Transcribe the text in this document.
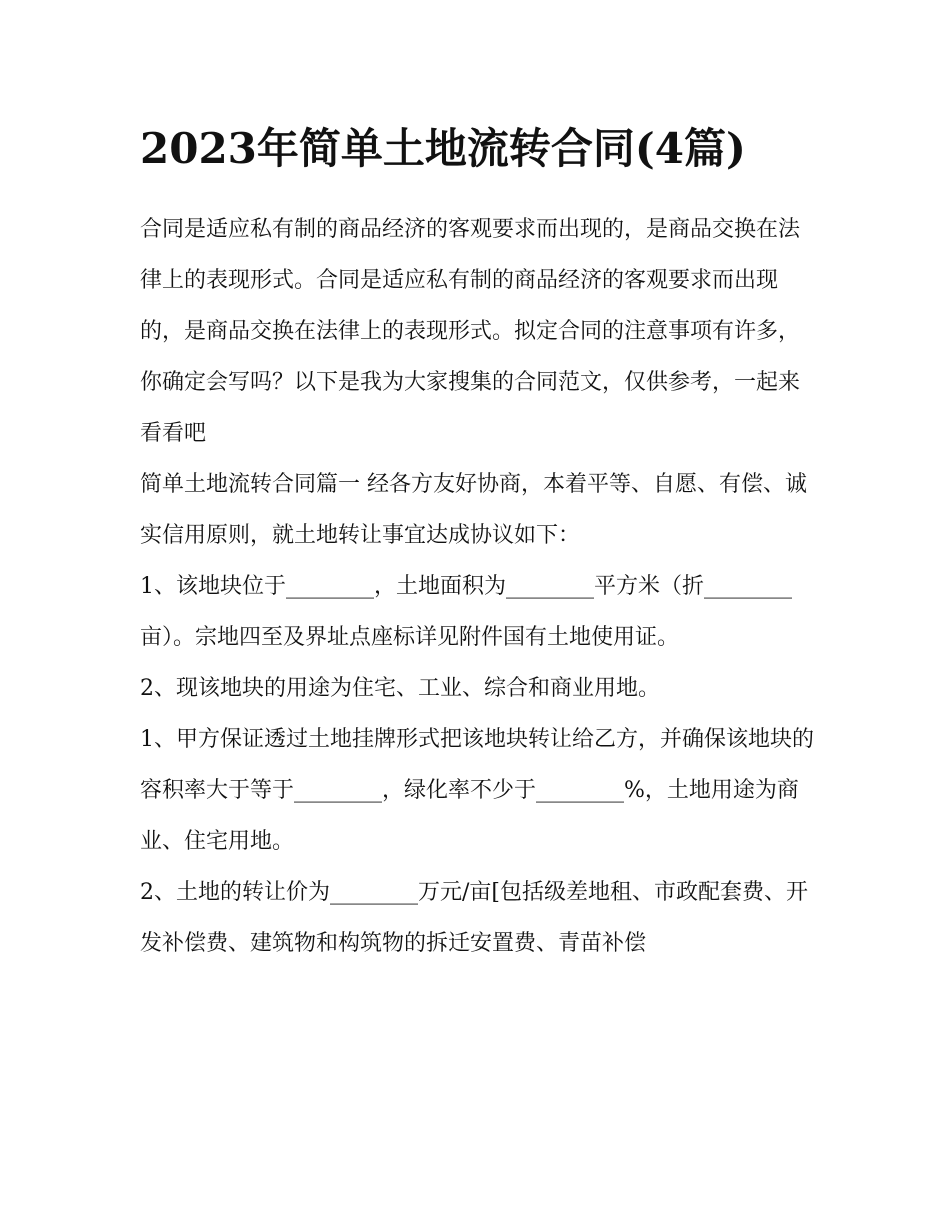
2023年简单土地流转合同(4篇)

合同是适应私有制的商品经济的客观要求而出现的，是商品交换在法律上的表现形式。合同是适应私有制的商品经济的客观要求而出现的，是商品交换在法律上的表现形式。拟定合同的注意事项有许多，你确定会写吗？以下是我为大家搜集的合同范文，仅供参考，一起来看看吧

简单土地流转合同篇一 经各方友好协商，本着平等、自愿、有偿、诚实信用原则，就土地转让事宜达成协议如下：

1、该地块位于________，土地面积为________平方米（折________亩）。宗地四至及界址点座标详见附件国有土地使用证。

2、现该地块的用途为住宅、工业、综合和商业用地。

1、甲方保证透过土地挂牌形式把该地块转让给乙方，并确保该地块的容积率大于等于________，绿化率不少于________%，土地用途为商业、住宅用地。

2、土地的转让价为________万元/亩[包括级差地租、市政配套费、开发补偿费、建筑物和构筑物的拆迁安置费、青苗补偿
